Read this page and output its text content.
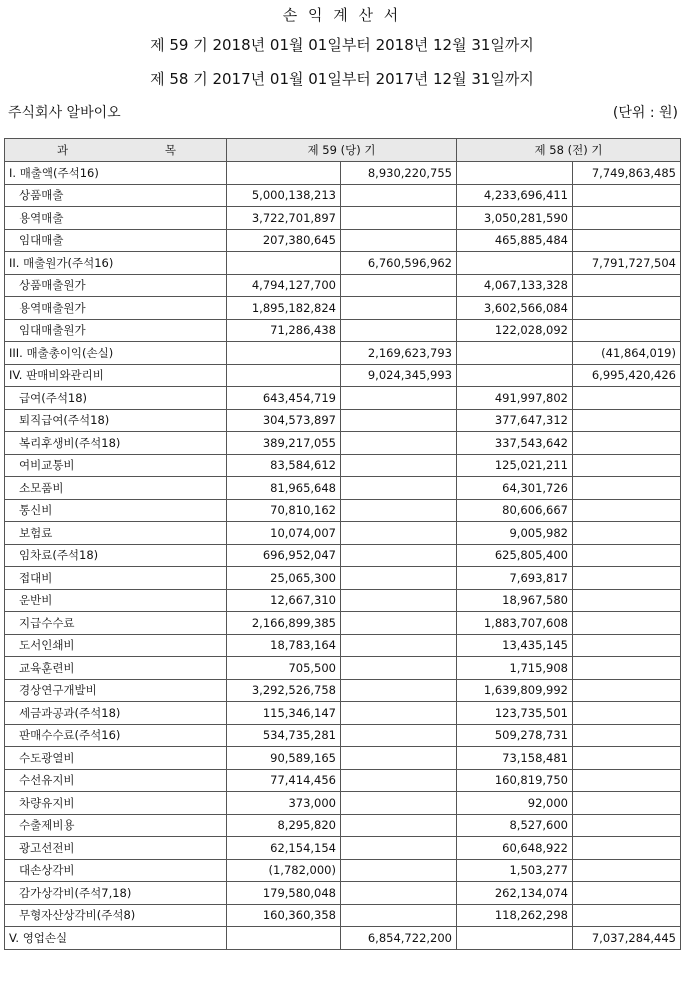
손 익 계 산 서
제 59 기 2018년 01월 01일부터 2018년 12월 31일까지
제 58 기 2017년 01월 01일부터 2017년 12월 31일까지
주식회사 알바이오	(단위 : 원)
과 목	제 59 (당) 기		제 58 (전) 기	
I. 매출액(주석16)		8,930,220,755		7,749,863,485
상품매출	5,000,138,213		4,233,696,411	
용역매출	3,722,701,897		3,050,281,590	
임대매출	207,380,645		465,885,484	
II. 매출원가(주석16)		6,760,596,962		7,791,727,504
상품매출원가	4,794,127,700		4,067,133,328	
용역매출원가	1,895,182,824		3,602,566,084	
임대매출원가	71,286,438		122,028,092	
III. 매출총이익(손실)		2,169,623,793		(41,864,019)
IV. 판매비와관리비		9,024,345,993		6,995,420,426
급여(주석18)	643,454,719		491,997,802	
퇴직급여(주석18)	304,573,897		377,647,312	
복리후생비(주석18)	389,217,055		337,543,642	
여비교통비	83,584,612		125,021,211	
소모품비	81,965,648		64,301,726	
통신비	70,810,162		80,606,667	
보험료	10,074,007		9,005,982	
임차료(주석18)	696,952,047		625,805,400	
접대비	25,065,300		7,693,817	
운반비	12,667,310		18,967,580	
지급수수료	2,166,899,385		1,883,707,608	
도서인쇄비	18,783,164		13,435,145	
교육훈련비	705,500		1,715,908	
경상연구개발비	3,292,526,758		1,639,809,992	
세금과공과(주석18)	115,346,147		123,735,501	
판매수수료(주석16)	534,735,281		509,278,731	
수도광열비	90,589,165		73,158,481	
수선유지비	77,414,456		160,819,750	
차량유지비	373,000		92,000	
수출제비용	8,295,820		8,527,600	
광고선전비	62,154,154		60,648,922	
대손상각비	(1,782,000)		1,503,277	
감가상각비(주석7,18)	179,580,048		262,134,074	
무형자산상각비(주석8)	160,360,358		118,262,298	
V. 영업손실		6,854,722,200		7,037,284,445
